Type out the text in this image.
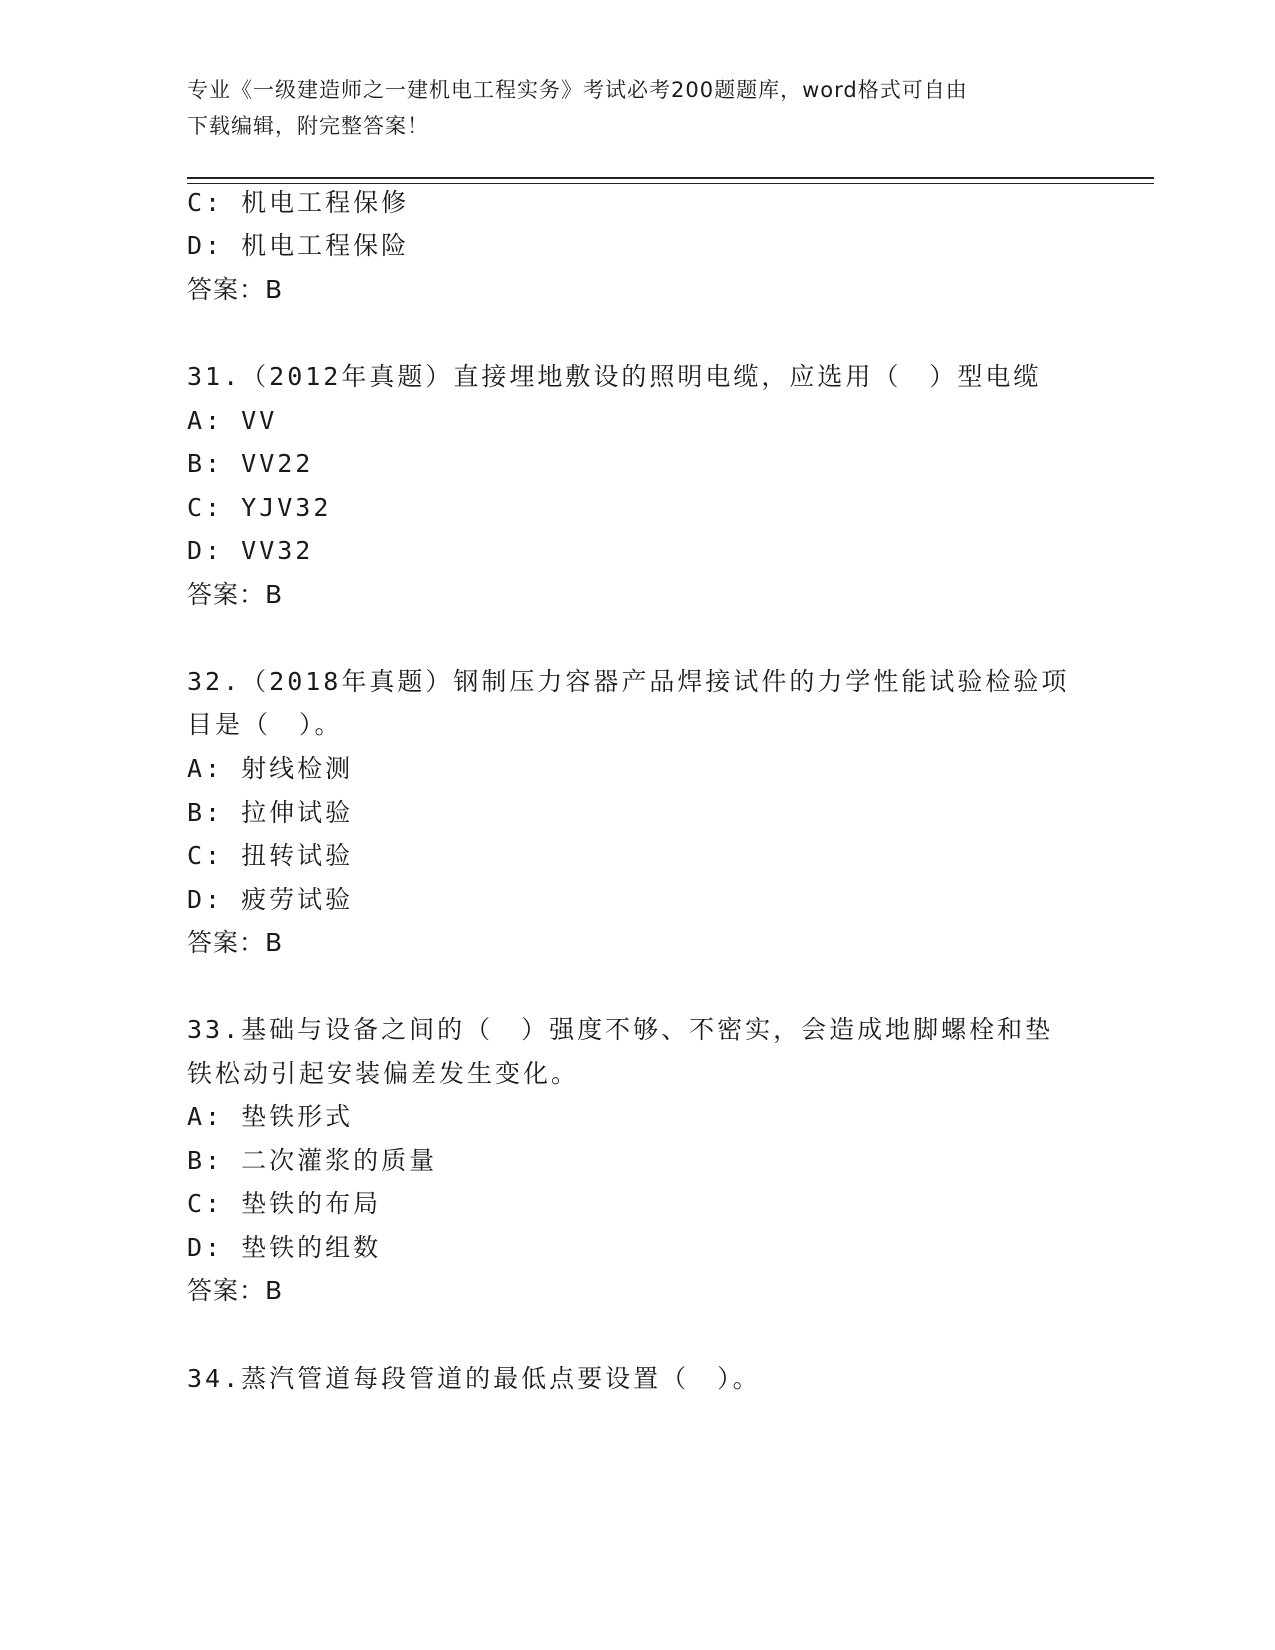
专业《一级建造师之一建机电工程实务》考试必考200题题库，word格式可自由
下载编辑，附完整答案！
C: 机电工程保修
D: 机电工程保险
答案：B
31.（2012年真题）直接埋地敷设的照明电缆，应选用（　）型电缆
A: VV
B: VV22
C: YJV32
D: VV32
答案：B
32.（2018年真题）钢制压力容器产品焊接试件的力学性能试验检验项
目是（　）。
A: 射线检测
B: 拉伸试验
C: 扭转试验
D: 疲劳试验
答案：B
33.基础与设备之间的（　）强度不够、不密实，会造成地脚螺栓和垫
铁松动引起安装偏差发生变化。
A: 垫铁形式
B: 二次灌浆的质量
C: 垫铁的布局
D: 垫铁的组数
答案：B
34.蒸汽管道每段管道的最低点要设置（　）。
